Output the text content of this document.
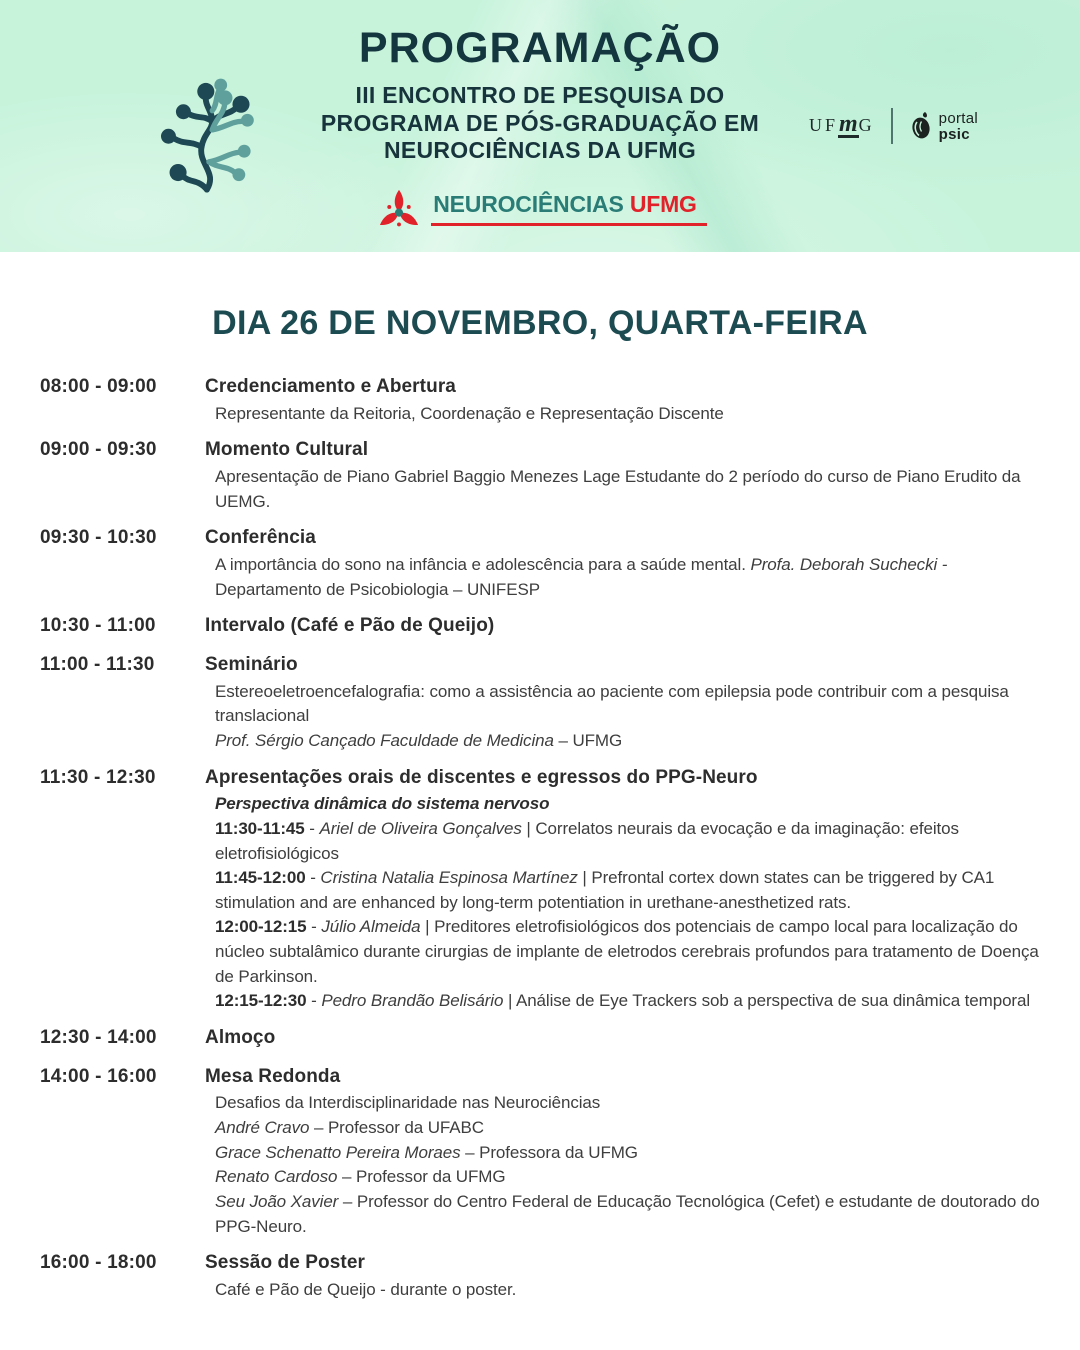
PROGRAMAÇÃO
III ENCONTRO DE PESQUISA DO
PROGRAMA DE PÓS-GRADUAÇÃO EM
NEUROCIÊNCIAS DA UFMG
UF m G	portal
psic
NEUROCIÊNCIAS UFMG
DIA 26 DE NOVEMBRO, QUARTA-FEIRA
08:00 - 09:00	Credenciamento e Abertura
Representante da Reitoria, Coordenação e Representação Discente
09:00 - 09:30	Momento Cultural
Apresentação de Piano Gabriel Baggio Menezes Lage Estudante do 2 período do curso de Piano Erudito da UEMG.
09:30 - 10:30	Conferência
A importância do sono na infância e adolescência para a saúde mental. Profa. Deborah Suchecki - Departamento de Psicobiologia – UNIFESP
10:30 - 11:00	Intervalo (Café e Pão de Queijo)
11:00 - 11:30	Seminário
Estereoeletroencefalografia: como a assistência ao paciente com epilepsia pode contribuir com a pesquisa translacional
Prof. Sérgio Cançado Faculdade de Medicina – UFMG
11:30 - 12:30	Apresentações orais de discentes e egressos do PPG-Neuro
Perspectiva dinâmica do sistema nervoso
11:30-11:45 - Ariel de Oliveira Gonçalves | Correlatos neurais da evocação e da imaginação: efeitos eletrofisiológicos
11:45-12:00 - Cristina Natalia Espinosa Martínez | Prefrontal cortex down states can be triggered by CA1 stimulation and are enhanced by long-term potentiation in urethane-anesthetized rats.
12:00-12:15 - Júlio Almeida | Preditores eletrofisiológicos dos potenciais de campo local para localização do núcleo subtalâmico durante cirurgias de implante de eletrodos cerebrais profundos para tratamento de Doença de Parkinson.
12:15-12:30 - Pedro Brandão Belisário | Análise de Eye Trackers sob a perspectiva de sua dinâmica temporal
12:30 - 14:00	Almoço
14:00 - 16:00	Mesa Redonda
Desafios da Interdisciplinaridade nas Neurociências
André Cravo – Professor da UFABC
Grace Schenatto Pereira Moraes – Professora da UFMG
Renato Cardoso – Professor da UFMG
Seu João Xavier – Professor do Centro Federal de Educação Tecnológica (Cefet) e estudante de doutorado do PPG-Neuro.
16:00 - 18:00	Sessão de Poster
Café e Pão de Queijo - durante o poster.
